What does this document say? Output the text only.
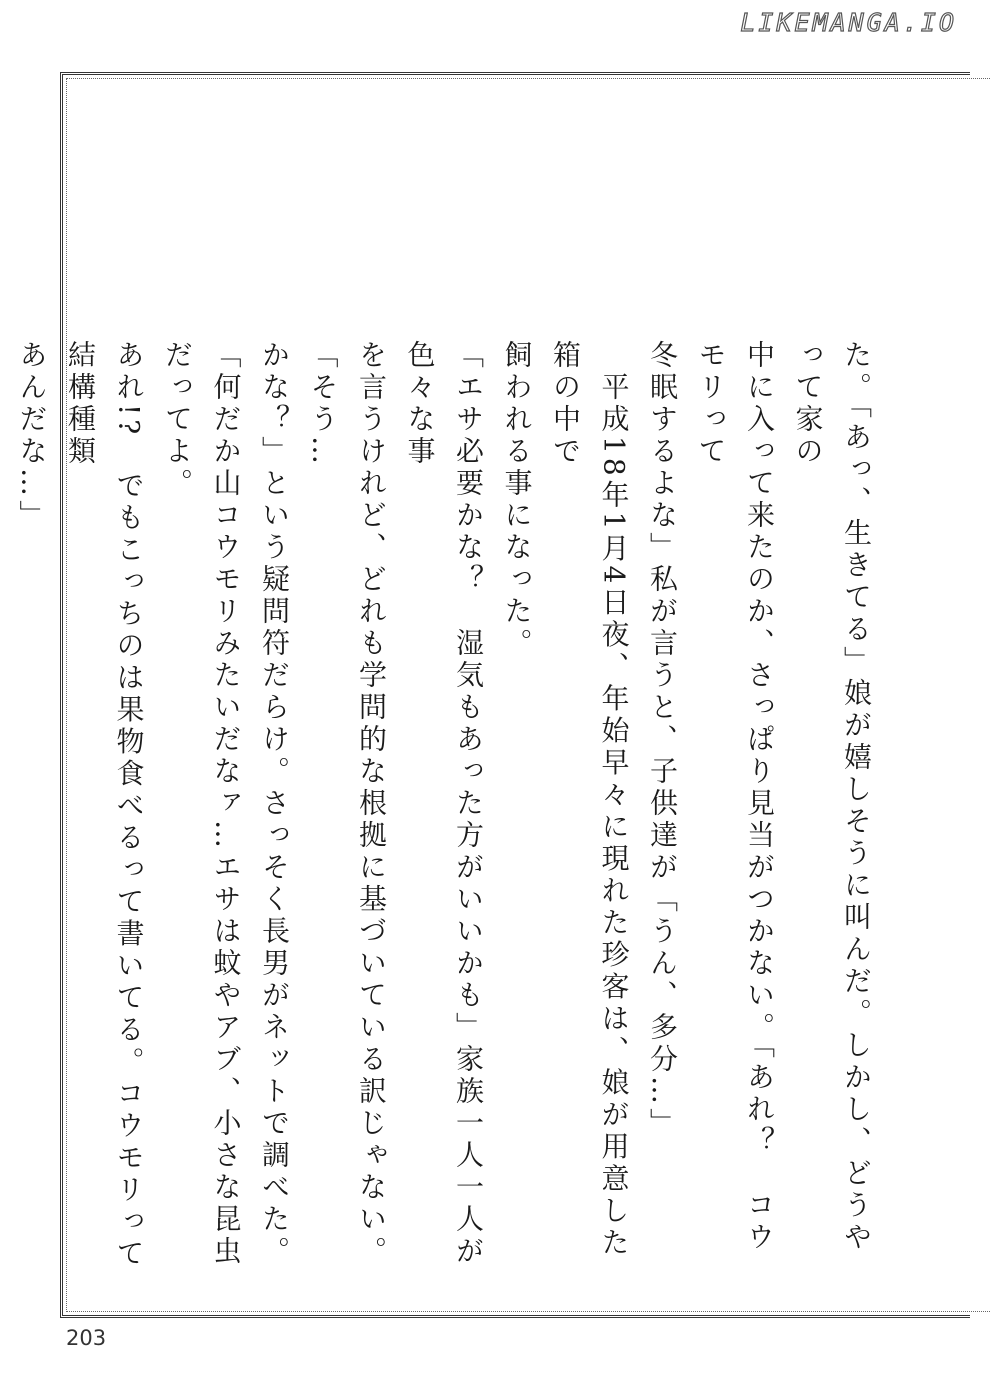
LIKEMANGA.IO

た。「あっ、生きてる」娘が嬉しそうに叫んだ。しかし、どうやって家の

中に入って来たのか、さっぱり見当がつかない。「あれ？　コウモリって

冬眠するよな」私が言うと、子供達が「うん、多分…」

　平成18年1月4日夜、年始早々に現れた珍客は、娘が用意した箱の中で

飼われる事になった。

「エサ必要かな？　湿気もあった方がいいかも」家族一人一人が色々な事

を言うけれど、どれも学問的な根拠に基づいている訳じゃない。「そう…

かな？」という疑問符だらけ。さっそく長男がネットで調べた。

「何だか山コウモリみたいだなァ…エサは蚊やアブ、小さな昆虫だってよ。

あれ!?　でもこっちのは果物食べるって書いてる。コウモリって結構種類

あんだな…」

203
